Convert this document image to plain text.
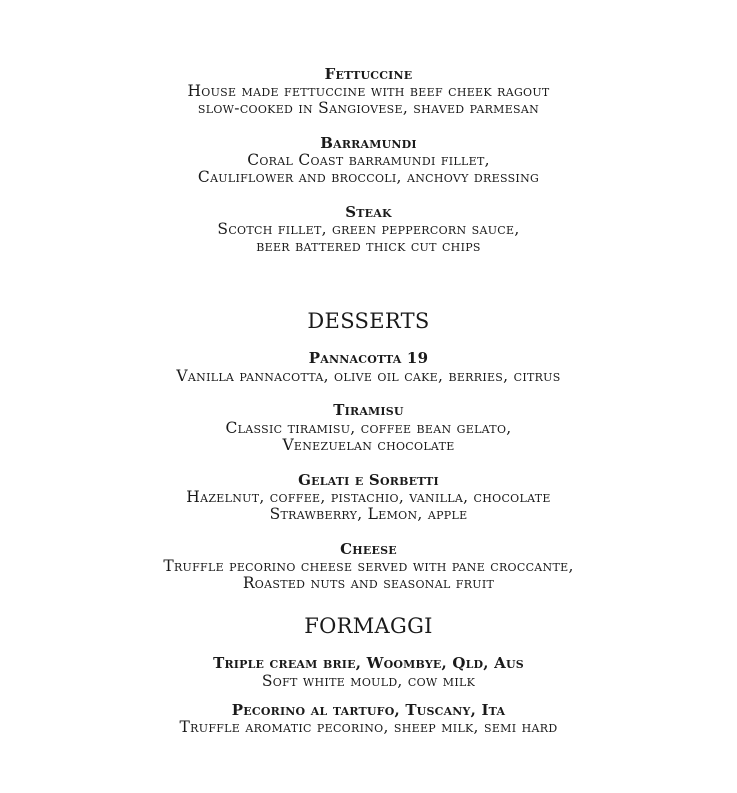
Fettuccine
House made fettuccine with beef cheek ragout
slow-cooked in Sangiovese, shaved parmesan
Barramundi
Coral Coast barramundi fillet,
Cauliflower and broccoli, anchovy dressing
Steak
Scotch fillet, green peppercorn sauce,
beer battered thick cut chips
DESSERTS
Pannacotta 19
Vanilla pannacotta, olive oil cake, berries, citrus
Tiramisu
Classic tiramisu, coffee bean gelato,
Venezuelan chocolate
Gelati e Sorbetti
Hazelnut, coffee, pistachio, vanilla, chocolate
Strawberry, Lemon, apple
Cheese
Truffle pecorino cheese served with pane croccante,
Roasted nuts and seasonal fruit
FORMAGGI
Triple cream brie, Woombye, Qld, Aus
Soft white mould, cow milk
Pecorino al tartufo, Tuscany, Ita
Truffle aromatic pecorino, sheep milk, semi hard
